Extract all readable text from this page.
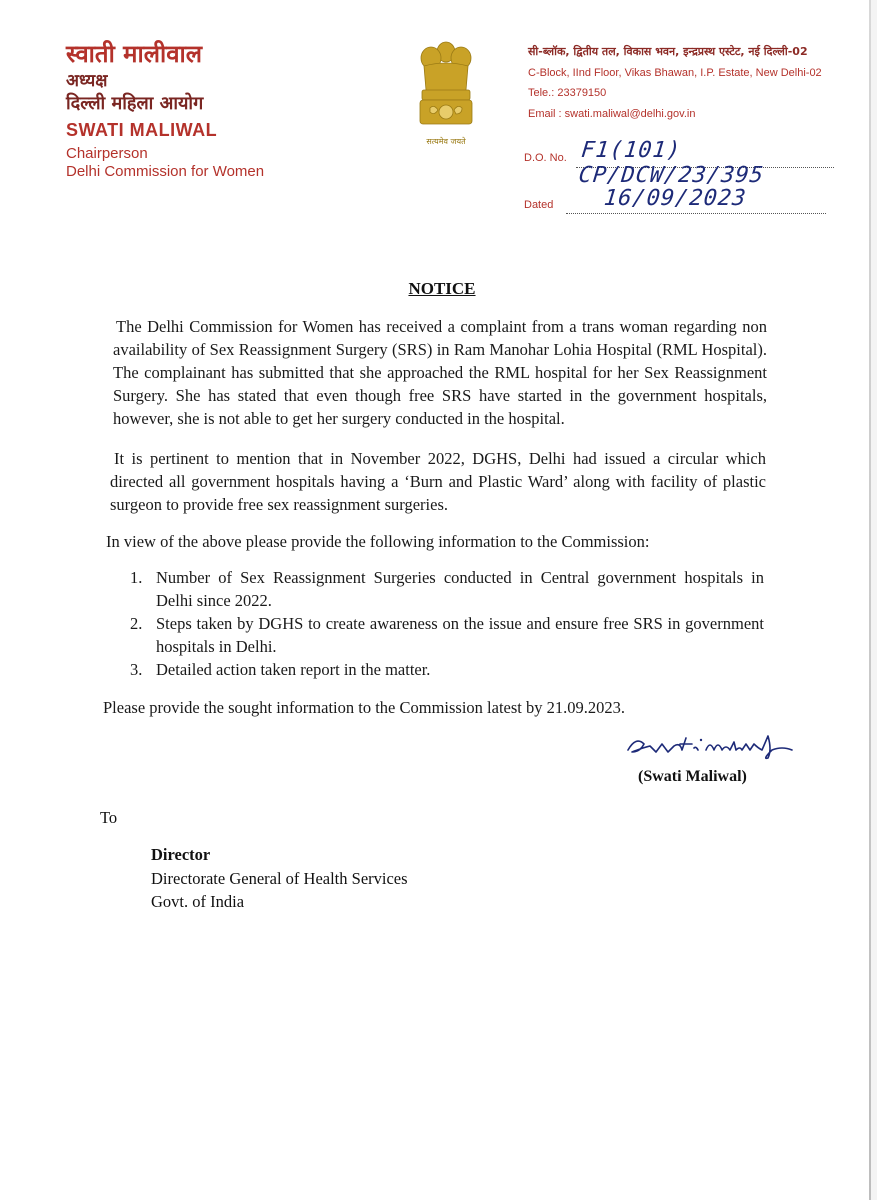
स्वाती मालीवाल
अध्यक्ष
दिल्ली महिला आयोग
SWATI MALIWAL
Chairperson
Delhi Commission for Women
सत्यमेव जयते
सी-ब्लॉक, द्वितीय तल, विकास भवन, इन्द्रप्रस्थ एस्टेट, नई दिल्ली-02
C-Block, IInd Floor, Vikas Bhawan, I.P. Estate, New Delhi-02
Tele.: 23379150
Email : swati.maliwal@delhi.gov.in
D.O. No. F1(101) CP/DCW/23/395
Dated 16/09/2023
NOTICE
The Delhi Commission for Women has received a complaint from a trans woman regarding non availability of Sex Reassignment Surgery (SRS) in Ram Manohar Lohia Hospital (RML Hospital). The complainant has submitted that she approached the RML hospital for her Sex Reassignment Surgery. She has stated that even though free SRS have started in the government hospitals, however, she is not able to get her surgery conducted in the hospital.
It is pertinent to mention that in November 2022, DGHS, Delhi had issued a circular which directed all government hospitals having a ‘Burn and Plastic Ward’ along with facility of plastic surgeon to provide free sex reassignment surgeries.
In view of the above please provide the following information to the Commission:
1. Number of Sex Reassignment Surgeries conducted in Central government hospitals in Delhi since 2022.
2. Steps taken by DGHS to create awareness on the issue and ensure free SRS in government hospitals in Delhi.
3. Detailed action taken report in the matter.
Please provide the sought information to the Commission latest by 21.09.2023.
(Swati Maliwal)
To
Director
Directorate General of Health Services
Govt. of India
